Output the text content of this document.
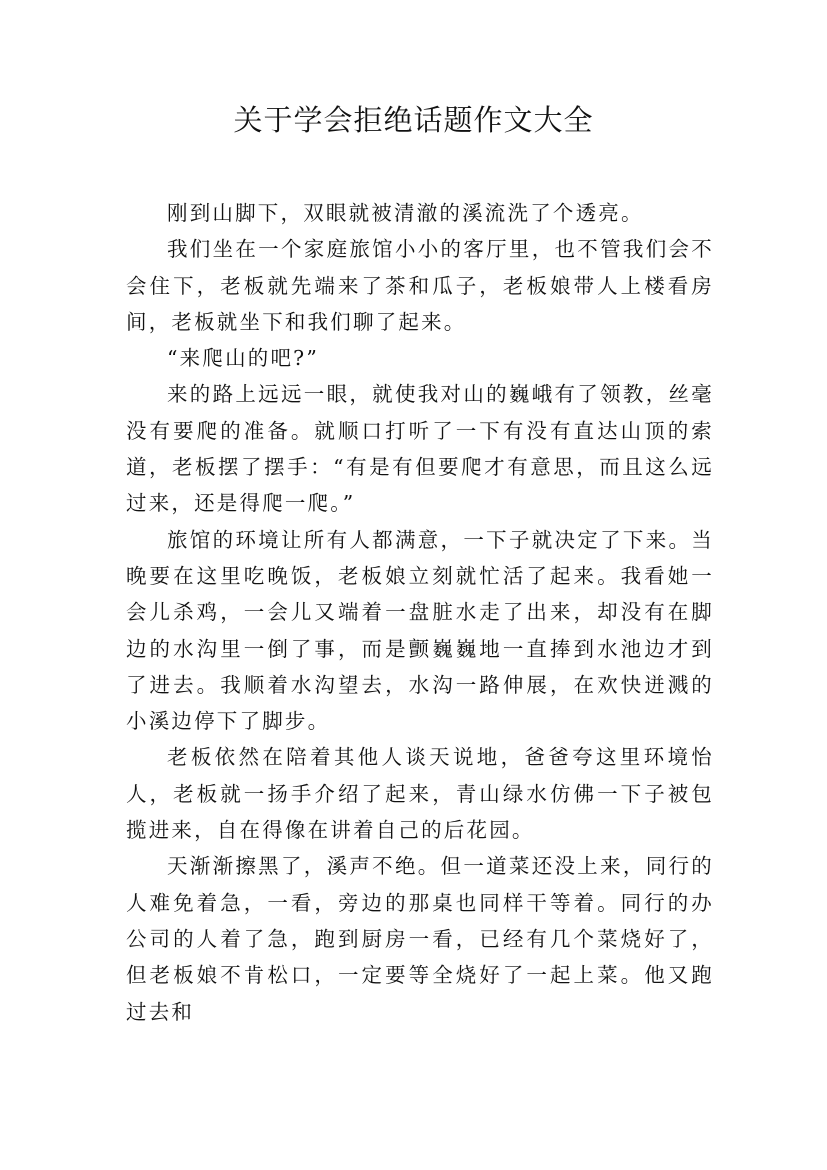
关于学会拒绝话题作文大全

刚到山脚下，双眼就被清澈的溪流洗了个透亮。

我们坐在一个家庭旅馆小小的客厅里，也不管我们会不会住下，老板就先端来了茶和瓜子，老板娘带人上楼看房间，老板就坐下和我们聊了起来。

“来爬山的吧?”

来的路上远远一眼，就使我对山的巍峨有了领教，丝毫没有要爬的准备。就顺口打听了一下有没有直达山顶的索道，老板摆了摆手：“有是有但要爬才有意思，而且这么远过来，还是得爬一爬。”

旅馆的环境让所有人都满意，一下子就决定了下来。当晚要在这里吃晚饭，老板娘立刻就忙活了起来。我看她一会儿杀鸡，一会儿又端着一盘脏水走了出来，却没有在脚边的水沟里一倒了事，而是颤巍巍地一直捧到水池边才到了进去。我顺着水沟望去，水沟一路伸展，在欢快迸溅的小溪边停下了脚步。

老板依然在陪着其他人谈天说地，爸爸夸这里环境怡人，老板就一扬手介绍了起来，青山绿水仿佛一下子被包揽进来，自在得像在讲着自己的后花园。

天渐渐擦黑了，溪声不绝。但一道菜还没上来，同行的人难免着急，一看，旁边的那桌也同样干等着。同行的办公司的人着了急，跑到厨房一看，已经有几个菜烧好了，但老板娘不肯松口，一定要等全烧好了一起上菜。他又跑过去和
